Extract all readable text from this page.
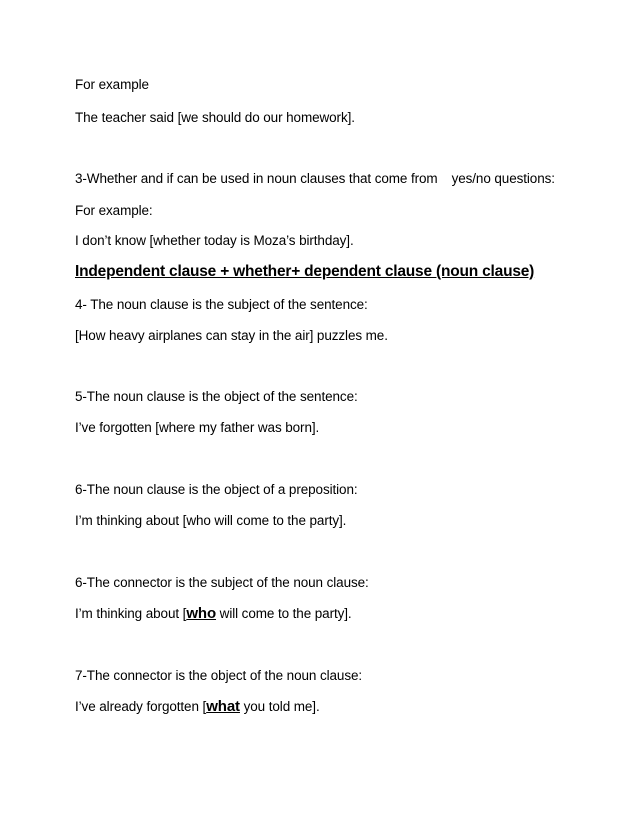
For example
The teacher said [we should do our homework].
3-Whether and if can be used in noun clauses that come from yes/no questions:
For example:
I don’t know [whether today is Moza’s birthday].
Independent clause + whether+ dependent clause (noun clause)
4- The noun clause is the subject of the sentence:
[How heavy airplanes can stay in the air] puzzles me.
5-The noun clause is the object of the sentence:
I’ve forgotten [where my father was born].
6-The noun clause is the object of a preposition:
I’m thinking about [who will come to the party].
6-The connector is the subject of the noun clause:
I’m thinking about [who will come to the party].
7-The connector is the object of the noun clause:
I’ve already forgotten [what you told me].
